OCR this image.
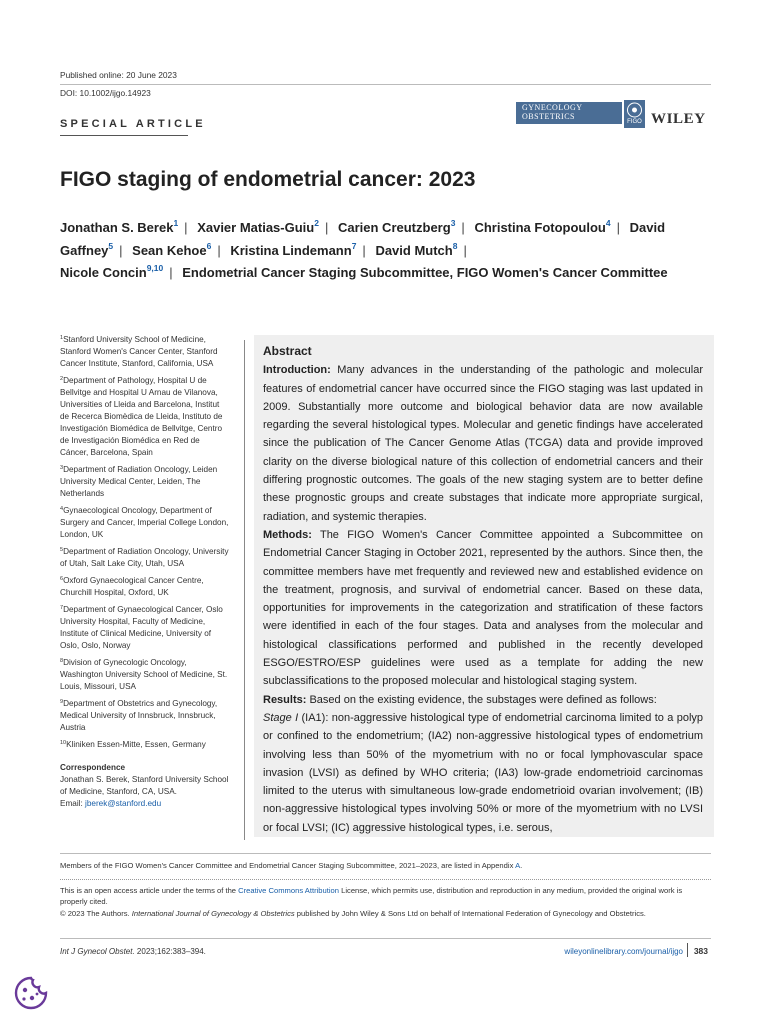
Published online: 20 June 2023
DOI: 10.1002/ijgo.14923
GYNECOLOGY
OBSTETRICS
FIGO WILEY
SPECIAL ARTICLE
FIGO staging of endometrial cancer: 2023
Jonathan S. Berek$^1$ | Xavier Matias-Guiu$^2$ | Carien Creutzberg$^3$ | Christina Fotopoulou$^4$ | David Gaffney$^5$ | Sean Kehoe$^6$ | Kristina Lindemann$^7$ | David Mutch$^8$ |
Nicole Concin$^{9,10}$ | Endometrial Cancer Staging Subcommittee, FIGO Women's Cancer Committee
$^1$Stanford University School of Medicine, Stanford Women's Cancer Center, Stanford Cancer Institute, Stanford, California, USA
$^2$Department of Pathology, Hospital U de Bellvitge and Hospital U Arnau de Vilanova, Universities of Lleida and Barcelona, Institut de Recerca Biomèdica de Lleida, Instituto de Investigación Biomédica de Bellvitge, Centro de Investigación Biomédica en Red de Cáncer, Barcelona, Spain
$^3$Department of Radiation Oncology, Leiden University Medical Center, Leiden, The Netherlands
$^4$Gynaecological Oncology, Department of Surgery and Cancer, Imperial College London, London, UK
$^5$Department of Radiation Oncology, University of Utah, Salt Lake City, Utah, USA
$^6$Oxford Gynaecological Cancer Centre, Churchill Hospital, Oxford, UK
$^7$Department of Gynaecological Cancer, Oslo University Hospital, Faculty of Medicine, Institute of Clinical Medicine, University of Oslo, Oslo, Norway
$^8$Division of Gynecologic Oncology, Washington University School of Medicine, St. Louis, Missouri, USA
$^9$Department of Obstetrics and Gynecology, Medical University of Innsbruck, Innsbruck, Austria
$^{10}$Kliniken Essen-Mitte, Essen, Germany
Correspondence
Jonathan S. Berek, Stanford University School of Medicine, Stanford, CA, USA.
Email: jberek@stanford.edu
Abstract

Introduction: Many advances in the understanding of the pathologic and molecular features of endometrial cancer have occurred since the FIGO staging was last updated in 2009. Substantially more outcome and biological behavior data are now available regarding the several histological types. Molecular and genetic findings have accelerated since the publication of The Cancer Genome Atlas (TCGA) data and provide improved clarity on the diverse biological nature of this collection of endometrial cancers and their differing prognostic outcomes. The goals of the new staging system are to better define these prognostic groups and create substages that indicate more appropriate surgical, radiation, and systemic therapies.

Methods: The FIGO Women's Cancer Committee appointed a Subcommittee on Endometrial Cancer Staging in October 2021, represented by the authors. Since then, the committee members have met frequently and reviewed new and established evidence on the treatment, prognosis, and survival of endometrial cancer. Based on these data, opportunities for improvements in the categorization and stratification of these factors were identified in each of the four stages. Data and analyses from the molecular and histological classifications performed and published in the recently developed ESGO/ESTRO/ESP guidelines were used as a template for adding the new subclassifications to the proposed molecular and histological staging system.

Results: Based on the existing evidence, the substages were defined as follows:

Stage I (IA1): non-aggressive histological type of endometrial carcinoma limited to a polyp or confined to the endometrium; (IA2) non-aggressive histological types of endometrium involving less than 50% of the myometrium with no or focal lymphovascular space invasion (LVSI) as defined by WHO criteria; (IA3) low-grade endometrioid carcinomas limited to the uterus with simultaneous low-grade endometrioid ovarian involvement; (IB) non-aggressive histological types involving 50% or more of the myometrium with no LVSI or focal LVSI; (IC) aggressive histological types, i.e. serous,

Members of the FIGO Women's Cancer Committee and Endometrial Cancer Staging Subcommittee, 2021–2023, are listed in Appendix A.
This is an open access article under the terms of the Creative Commons Attribution License, which permits use, distribution and reproduction in any medium, provided the original work is properly cited.
© 2023 The Authors. International Journal of Gynecology & Obstetrics published by John Wiley & Sons Ltd on behalf of International Federation of Gynecology and Obstetrics.
Int J Gynecol Obstet. 2023;162:383–394.	wileyonlinelibrary.com/journal/ijgo 383
